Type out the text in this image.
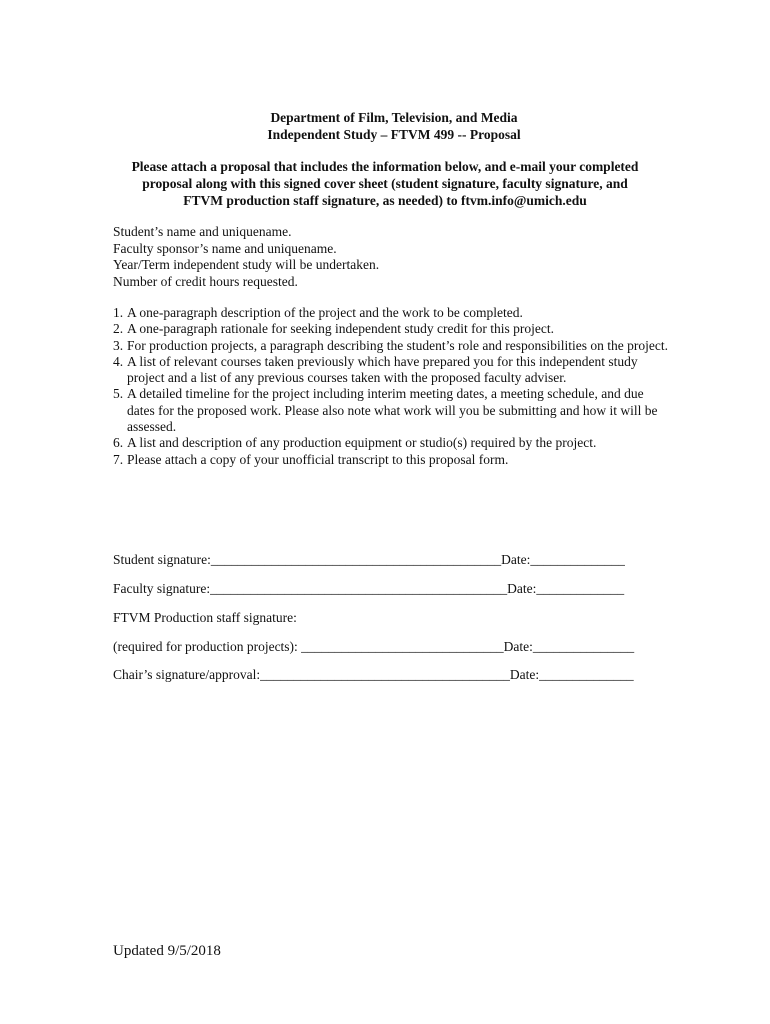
Department of Film, Television, and Media
Independent Study – FTVM 499 -- Proposal
Please attach a proposal that includes the information below, and e-mail your completed
proposal along with this signed cover sheet (student signature, faculty signature, and
FTVM production staff signature, as needed) to ftvm.info@umich.edu
Student’s name and uniquename.
Faculty sponsor’s name and uniquename.
Year/Term independent study will be undertaken.
Number of credit hours requested.
1. A one-paragraph description of the project and the work to be completed.
2. A one-paragraph rationale for seeking independent study credit for this project.
3. For production projects, a paragraph describing the student’s role and responsibilities on the project.
4. A list of relevant courses taken previously which have prepared you for this independent study project and a list of any previous courses taken with the proposed faculty adviser.
5. A detailed timeline for the project including interim meeting dates, a meeting schedule, and due dates for the proposed work. Please also note what work will you be submitting and how it will be assessed.
6. A list and description of any production equipment or studio(s) required by the project.
7. Please attach a copy of your unofficial transcript to this proposal form.
Student signature:___________________________________________Date:______________
Faculty signature:____________________________________________Date:_____________
FTVM Production staff signature:
(required for production projects): ______________________________Date:_______________
Chair’s signature/approval:_____________________________________Date:______________
Updated 9/5/2018
